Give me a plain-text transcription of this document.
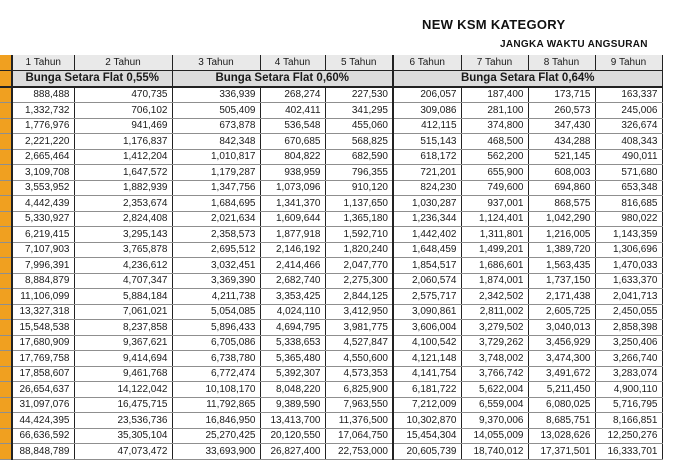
NEW KSM KATEGORY
JANGKA WAKTU ANGSURAN
	1 Tahun	2 Tahun	3 Tahun	4 Tahun	5 Tahun	6 Tahun	7 Tahun	8 Tahun	9 Tahun
	Bunga Setara Flat 0,55%		Bunga Setara Flat 0,60%			Bunga Setara Flat 0,64%			
	888,488	470,735	336,939	268,274	227,530	206,057	187,400	173,715	163,337
	1,332,732	706,102	505,409	402,411	341,295	309,086	281,100	260,573	245,006
	1,776,976	941,469	673,878	536,548	455,060	412,115	374,800	347,430	326,674
	2,221,220	1,176,837	842,348	670,685	568,825	515,143	468,500	434,288	408,343
	2,665,464	1,412,204	1,010,817	804,822	682,590	618,172	562,200	521,145	490,011
	3,109,708	1,647,572	1,179,287	938,959	796,355	721,201	655,900	608,003	571,680
	3,553,952	1,882,939	1,347,756	1,073,096	910,120	824,230	749,600	694,860	653,348
	4,442,439	2,353,674	1,684,695	1,341,370	1,137,650	1,030,287	937,001	868,575	816,685
	5,330,927	2,824,408	2,021,634	1,609,644	1,365,180	1,236,344	1,124,401	1,042,290	980,022
	6,219,415	3,295,143	2,358,573	1,877,918	1,592,710	1,442,402	1,311,801	1,216,005	1,143,359
	7,107,903	3,765,878	2,695,512	2,146,192	1,820,240	1,648,459	1,499,201	1,389,720	1,306,696
	7,996,391	4,236,612	3,032,451	2,414,466	2,047,770	1,854,517	1,686,601	1,563,435	1,470,033
	8,884,879	4,707,347	3,369,390	2,682,740	2,275,300	2,060,574	1,874,001	1,737,150	1,633,370
	11,106,099	5,884,184	4,211,738	3,353,425	2,844,125	2,575,717	2,342,502	2,171,438	2,041,713
	13,327,318	7,061,021	5,054,085	4,024,110	3,412,950	3,090,861	2,811,002	2,605,725	2,450,055
	15,548,538	8,237,858	5,896,433	4,694,795	3,981,775	3,606,004	3,279,502	3,040,013	2,858,398
	17,680,909	9,367,621	6,705,086	5,338,653	4,527,847	4,100,542	3,729,262	3,456,929	3,250,406
	17,769,758	9,414,694	6,738,780	5,365,480	4,550,600	4,121,148	3,748,002	3,474,300	3,266,740
	17,858,607	9,461,768	6,772,474	5,392,307	4,573,353	4,141,754	3,766,742	3,491,672	3,283,074
	26,654,637	14,122,042	10,108,170	8,048,220	6,825,900	6,181,722	5,622,004	5,211,450	4,900,110
	31,097,076	16,475,715	11,792,865	9,389,590	7,963,550	7,212,009	6,559,004	6,080,025	5,716,795
	44,424,395	23,536,736	16,846,950	13,413,700	11,376,500	10,302,870	9,370,006	8,685,751	8,166,851
	66,636,592	35,305,104	25,270,425	20,120,550	17,064,750	15,454,304	14,055,009	13,028,626	12,250,276
	88,848,789	47,073,472	33,693,900	26,827,400	22,753,000	20,605,739	18,740,012	17,371,501	16,333,701
